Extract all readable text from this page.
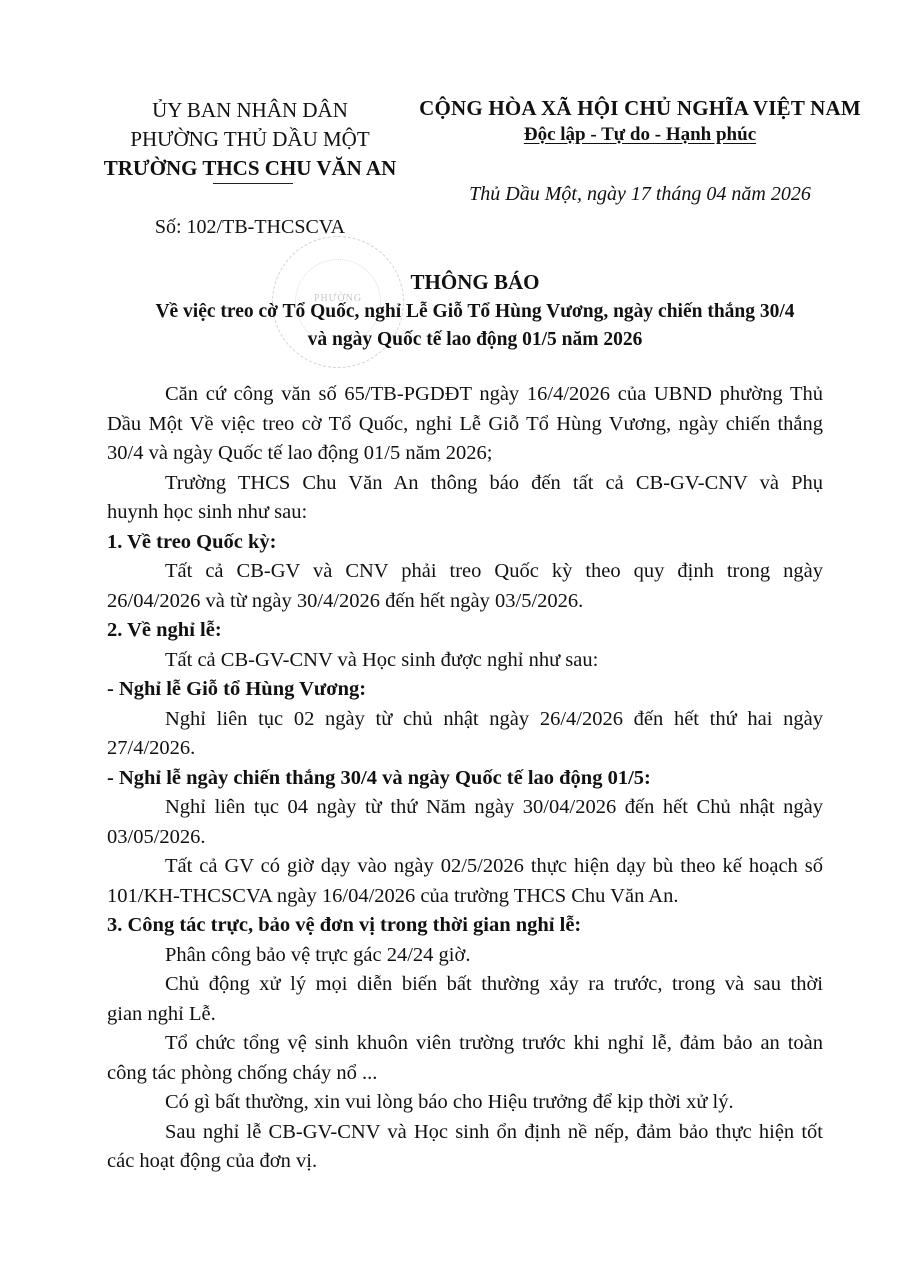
ỦY BAN NHÂN DÂN
PHƯỜNG THỦ DẦU MỘT
TRƯỜNG THCS CHU VĂN AN
Số: 102/TB-THCSCVA
CỘNG HÒA XÃ HỘI CHỦ NGHĨA VIỆT NAM
Độc lập - Tự do - Hạnh phúc
Thủ Dầu Một, ngày 17 tháng 04 năm 2026
PHƯỜNG
THÔNG BÁO
Về việc treo cờ Tổ Quốc, nghỉ Lễ Giỗ Tổ Hùng Vương, ngày chiến thắng 30/4
và ngày Quốc tế lao động 01/5 năm 2026
Căn cứ công văn số 65/TB-PGDĐT ngày 16/4/2026 của UBND phường Thủ
Dầu Một Về việc treo cờ Tổ Quốc, nghỉ Lễ Giỗ Tổ Hùng Vương, ngày chiến thắng
30/4 và ngày Quốc tế lao động 01/5 năm 2026;
Trường THCS Chu Văn An thông báo đến tất cả CB-GV-CNV và Phụ
huynh học sinh như sau:
1. Về treo Quốc kỳ:
Tất cả CB-GV và CNV phải treo Quốc kỳ theo quy định trong ngày
26/04/2026 và từ ngày 30/4/2026 đến hết ngày 03/5/2026.
2. Về nghỉ lễ:
Tất cả CB-GV-CNV và Học sinh được nghỉ như sau:
- Nghỉ lễ Giỗ tổ Hùng Vương:
Nghỉ liên tục 02 ngày từ chủ nhật ngày 26/4/2026 đến hết thứ hai ngày
27/4/2026.
- Nghỉ lễ ngày chiến thắng 30/4 và ngày Quốc tế lao động 01/5:
Nghỉ liên tục 04 ngày từ thứ Năm ngày 30/04/2026 đến hết Chủ nhật ngày
03/05/2026.
Tất cả GV có giờ dạy vào ngày 02/5/2026 thực hiện dạy bù theo kế hoạch số
101/KH-THCSCVA ngày 16/04/2026 của trường THCS Chu Văn An.
3. Công tác trực, bảo vệ đơn vị trong thời gian nghỉ lễ:
Phân công bảo vệ trực gác 24/24 giờ.
Chủ động xử lý mọi diễn biến bất thường xảy ra trước, trong và sau thời
gian nghỉ Lễ.
Tổ chức tổng vệ sinh khuôn viên trường trước khi nghỉ lễ, đảm bảo an toàn
công tác phòng chống cháy nổ ...
Có gì bất thường, xin vui lòng báo cho Hiệu trưởng để kịp thời xử lý.
Sau nghỉ lễ CB-GV-CNV và Học sinh ổn định nề nếp, đảm bảo thực hiện tốt
các hoạt động của đơn vị.
